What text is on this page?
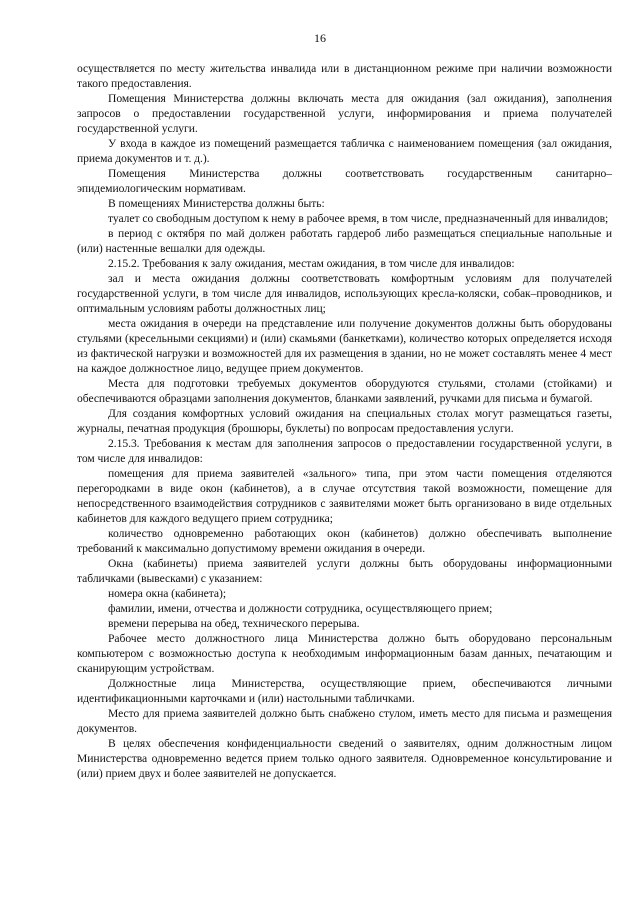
16

осуществляется по месту жительства инвалида или в дистанционном режиме при наличии возможности такого предоставления.

Помещения Министерства должны включать места для ожидания (зал ожидания), заполнения запросов о предоставлении государственной услуги, информирования и приема получателей государственной услуги.

У входа в каждое из помещений размещается табличка с наименованием помещения (зал ожидания, приема документов и т. д.).

Помещения Министерства должны соответствовать государственным санитарно–эпидемиологическим нормативам.

В помещениях Министерства должны быть:

туалет со свободным доступом к нему в рабочее время, в том числе, предназначенный для инвалидов;

в период с октября по май должен работать гардероб либо размещаться специальные напольные и (или) настенные вешалки для одежды.

2.15.2. Требования к залу ожидания, местам ожидания, в том числе для инвалидов:

зал и места ожидания должны соответствовать комфортным условиям для получателей государственной услуги, в том числе для инвалидов, использующих кресла-коляски, собак–проводников, и оптимальным условиям работы должностных лиц;

места ожидания в очереди на представление или получение документов должны быть оборудованы стульями (кресельными секциями) и (или) скамьями (банкетками), количество которых определяется исходя из фактической нагрузки и возможностей для их размещения в здании, но не может составлять менее 4 мест на каждое должностное лицо, ведущее прием документов.

Места для подготовки требуемых документов оборудуются стульями, столами (стойками) и обеспечиваются образцами заполнения документов, бланками заявлений, ручками для письма и бумагой.

Для создания комфортных условий ожидания на специальных столах могут размещаться газеты, журналы, печатная продукция (брошюры, буклеты) по вопросам предоставления услуги.

2.15.3. Требования к местам для заполнения запросов о предоставлении государственной услуги, в том числе для инвалидов:

помещения для приема заявителей «зального» типа, при этом части помещения отделяются перегородками в виде окон (кабинетов), а в случае отсутствия такой возможности, помещение для непосредственного взаимодействия сотрудников с заявителями может быть организовано в виде отдельных кабинетов для каждого ведущего прием сотрудника;

количество одновременно работающих окон (кабинетов) должно обеспечивать выполнение требований к максимально допустимому времени ожидания в очереди.

Окна (кабинеты) приема заявителей услуги должны быть оборудованы информационными табличками (вывесками) с указанием:

номера окна (кабинета);

фамилии, имени, отчества и должности сотрудника, осуществляющего прием;

времени перерыва на обед, технического перерыва.

Рабочее место должностного лица Министерства должно быть оборудовано персональным компьютером с возможностью доступа к необходимым информационным базам данных, печатающим и сканирующим устройствам.

Должностные лица Министерства, осуществляющие прием, обеспечиваются личными идентификационными карточками и (или) настольными табличками.

Место для приема заявителей должно быть снабжено стулом, иметь место для письма и размещения документов.

В целях обеспечения конфиденциальности сведений о заявителях, одним должностным лицом Министерства одновременно ведется прием только одного заявителя. Одновременное консультирование и (или) прием двух и более заявителей не допускается.
